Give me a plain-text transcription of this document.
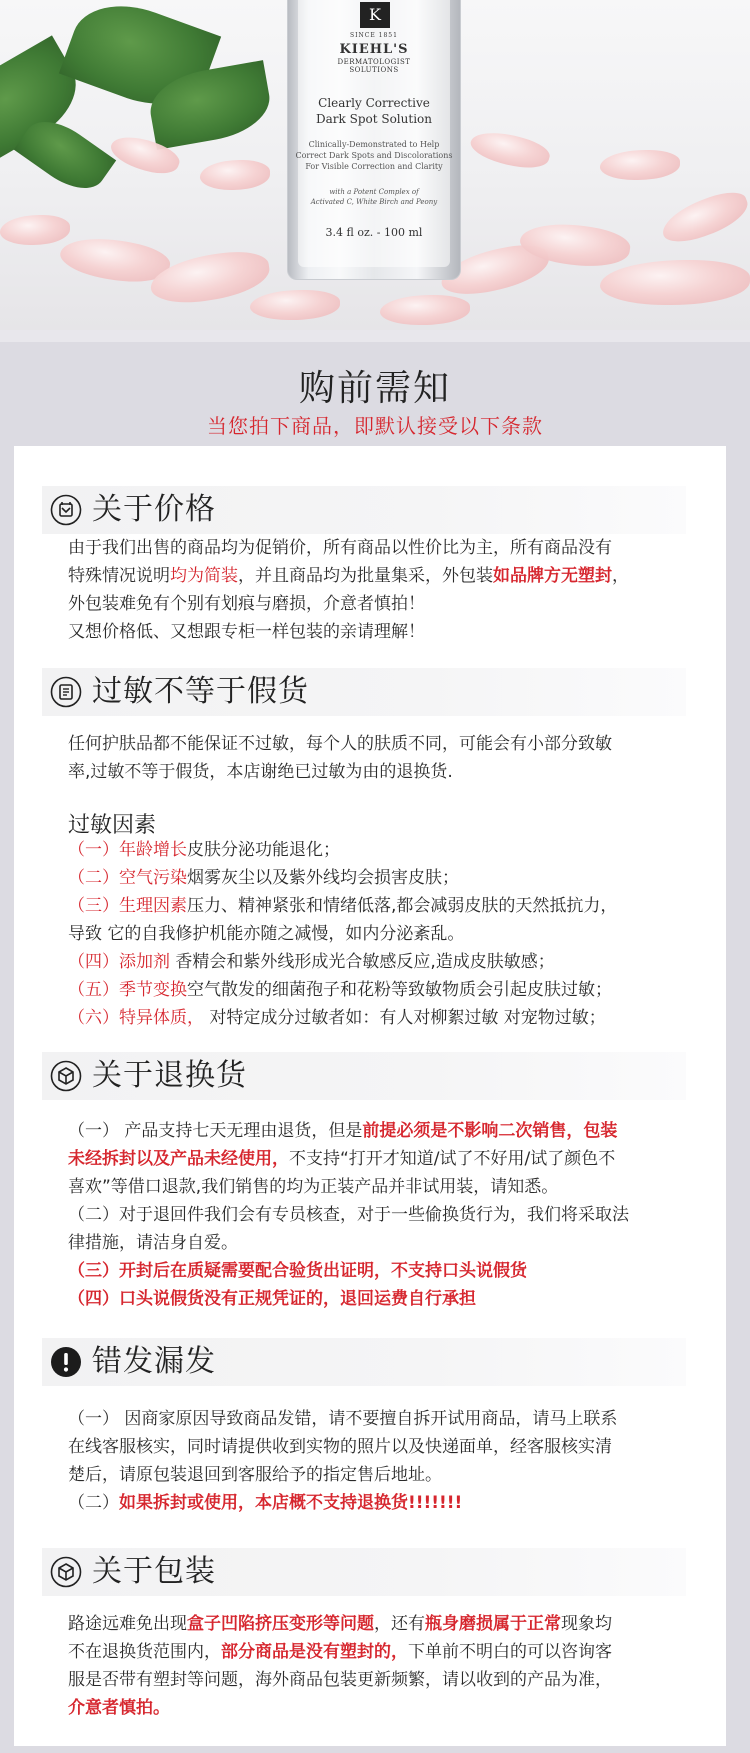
K
SINCE 1851
KIEHL'S
DERMATOLOGIST
SOLUTIONS
Clearly Corrective
Dark Spot Solution
Clinically-Demonstrated to Help
Correct Dark Spots and Discolorations
For Visible Correction and Clarity
with a Potent Complex of
Activated C, White Birch and Peony
3.4 fl oz. - 100 ml
购前需知
当您拍下商品，即默认接受以下条款
关于价格
由于我们出售的商品均为促销价，所有商品以性价比为主，所有商品没有
特殊情况说明均为简装，并且商品均为批量集采，外包装如品牌方无塑封，
外包装难免有个别有划痕与磨损，介意者慎拍！
又想价格低、又想跟专柜一样包装的亲请理解！
过敏不等于假货
任何护肤品都不能保证不过敏，每个人的肤质不同，可能会有小部分致敏
率,过敏不等于假货，本店谢绝已过敏为由的退换货.
过敏因素
（一）年龄增长皮肤分泌功能退化；
（二）空气污染烟雾灰尘以及紫外线均会损害皮肤；
（三）生理因素压力、精神紧张和情绪低落,都会减弱皮肤的天然抵抗力，
导致 它的自我修护机能亦随之减慢，如内分泌紊乱。
（四）添加剂 香精会和紫外线形成光合敏感反应,造成皮肤敏感；
（五）季节变换空气散发的细菌孢子和花粉等致敏物质会引起皮肤过敏；
（六）特异体质， 对特定成分过敏者如：有人对柳絮过敏 对宠物过敏；
关于退换货
（一） 产品支持七天无理由退货，但是前提必须是不影响二次销售，包装
未经拆封以及产品未经使用，不支持“打开才知道/试了不好用/试了颜色不
喜欢”等借口退款,我们销售的均为正装产品并非试用装，请知悉。
（二）对于退回件我们会有专员核查，对于一些偷换货行为，我们将采取法
律措施，请洁身自爱。
（三）开封后在质疑需要配合验货出证明，不支持口头说假货
（四）口头说假货没有正规凭证的，退回运费自行承担
错发漏发
（一） 因商家原因导致商品发错，请不要擅自拆开试用商品，请马上联系
在线客服核实，同时请提供收到实物的照片以及快递面单，经客服核实清
楚后，请原包装退回到客服给予的指定售后地址。
（二）如果拆封或使用，本店概不支持退换货!!!!!!!
关于包装
路途远难免出现盒子凹陷挤压变形等问题，还有瓶身磨损属于正常现象均
不在退换货范围内，部分商品是没有塑封的，下单前不明白的可以咨询客
服是否带有塑封等问题，海外商品包装更新频繁，请以收到的产品为准，
介意者慎拍。
